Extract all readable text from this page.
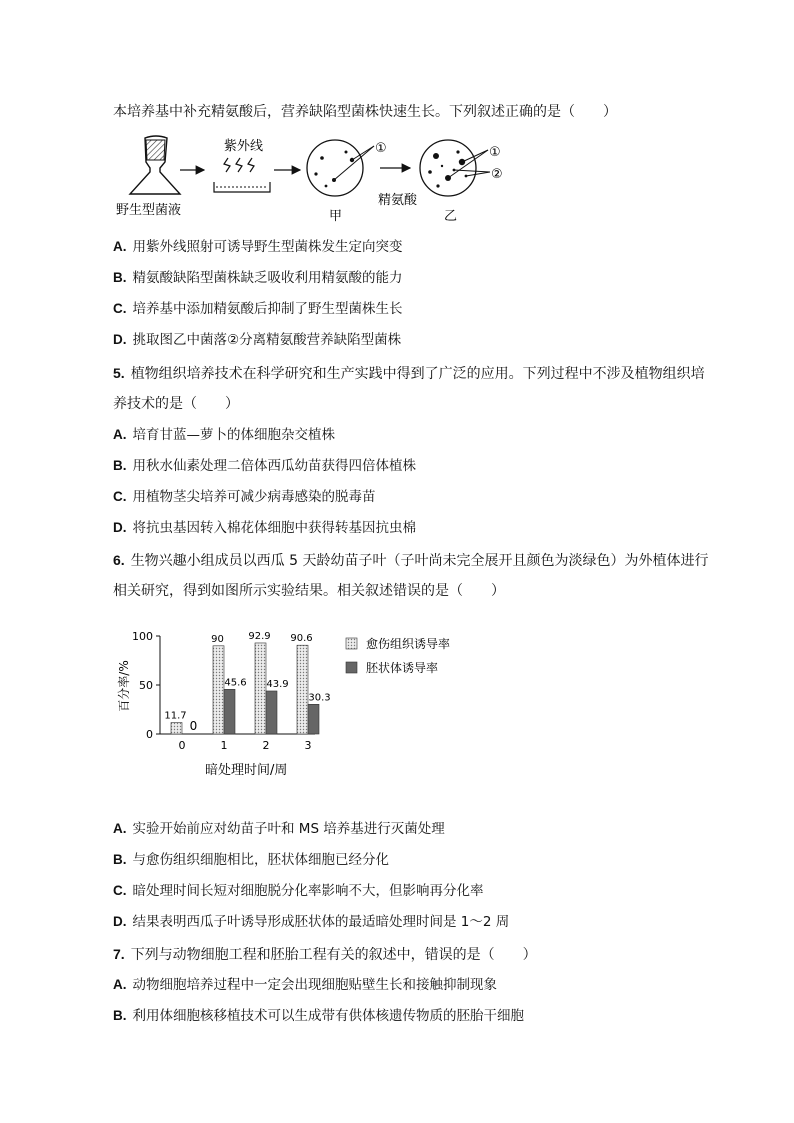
本培养基中补充精氨酸后，营养缺陷型菌株快速生长。下列叙述正确的是（　　）
野生型菌液
紫外线	①
甲
精氨酸
①
②
乙
A. 用紫外线照射可诱导野生型菌株发生定向突变
B. 精氨酸缺陷型菌株缺乏吸收利用精氨酸的能力
C. 培养基中添加精氨酸后抑制了野生型菌株生长
D. 挑取图乙中菌落②分离精氨酸营养缺陷型菌株
5. 植物组织培养技术在科学研究和生产实践中得到了广泛的应用。下列过程中不涉及植物组织培
养技术的是（　　）
A. 培育甘蓝—萝卜的体细胞杂交植株
B. 用秋水仙素处理二倍体西瓜幼苗获得四倍体植株
C. 用植物茎尖培养可减少病毒感染的脱毒苗
D. 将抗虫基因转入棉花体细胞中获得转基因抗虫棉
6. 生物兴趣小组成员以西瓜 5 天龄幼苗子叶（子叶尚未完全展开且颜色为淡绿色）为外植体进行
相关研究，得到如图所示实验结果。相关叙述错误的是（　　）
百分率/%
暗处理时间/周
0
50
100
0	1	2	3
11.7
0
90
45.6
92.9
43.9
90.6
30.3
愈伤组织诱导率
胚状体诱导率
A. 实验开始前应对幼苗子叶和 MS 培养基进行灭菌处理
B. 与愈伤组织细胞相比，胚状体细胞已经分化
C. 暗处理时间长短对细胞脱分化率影响不大，但影响再分化率
D. 结果表明西瓜子叶诱导形成胚状体的最适暗处理时间是 1～2 周
7. 下列与动物细胞工程和胚胎工程有关的叙述中，错误的是（　　）
A. 动物细胞培养过程中一定会出现细胞贴壁生长和接触抑制现象
B. 利用体细胞核移植技术可以生成带有供体核遗传物质的胚胎干细胞
